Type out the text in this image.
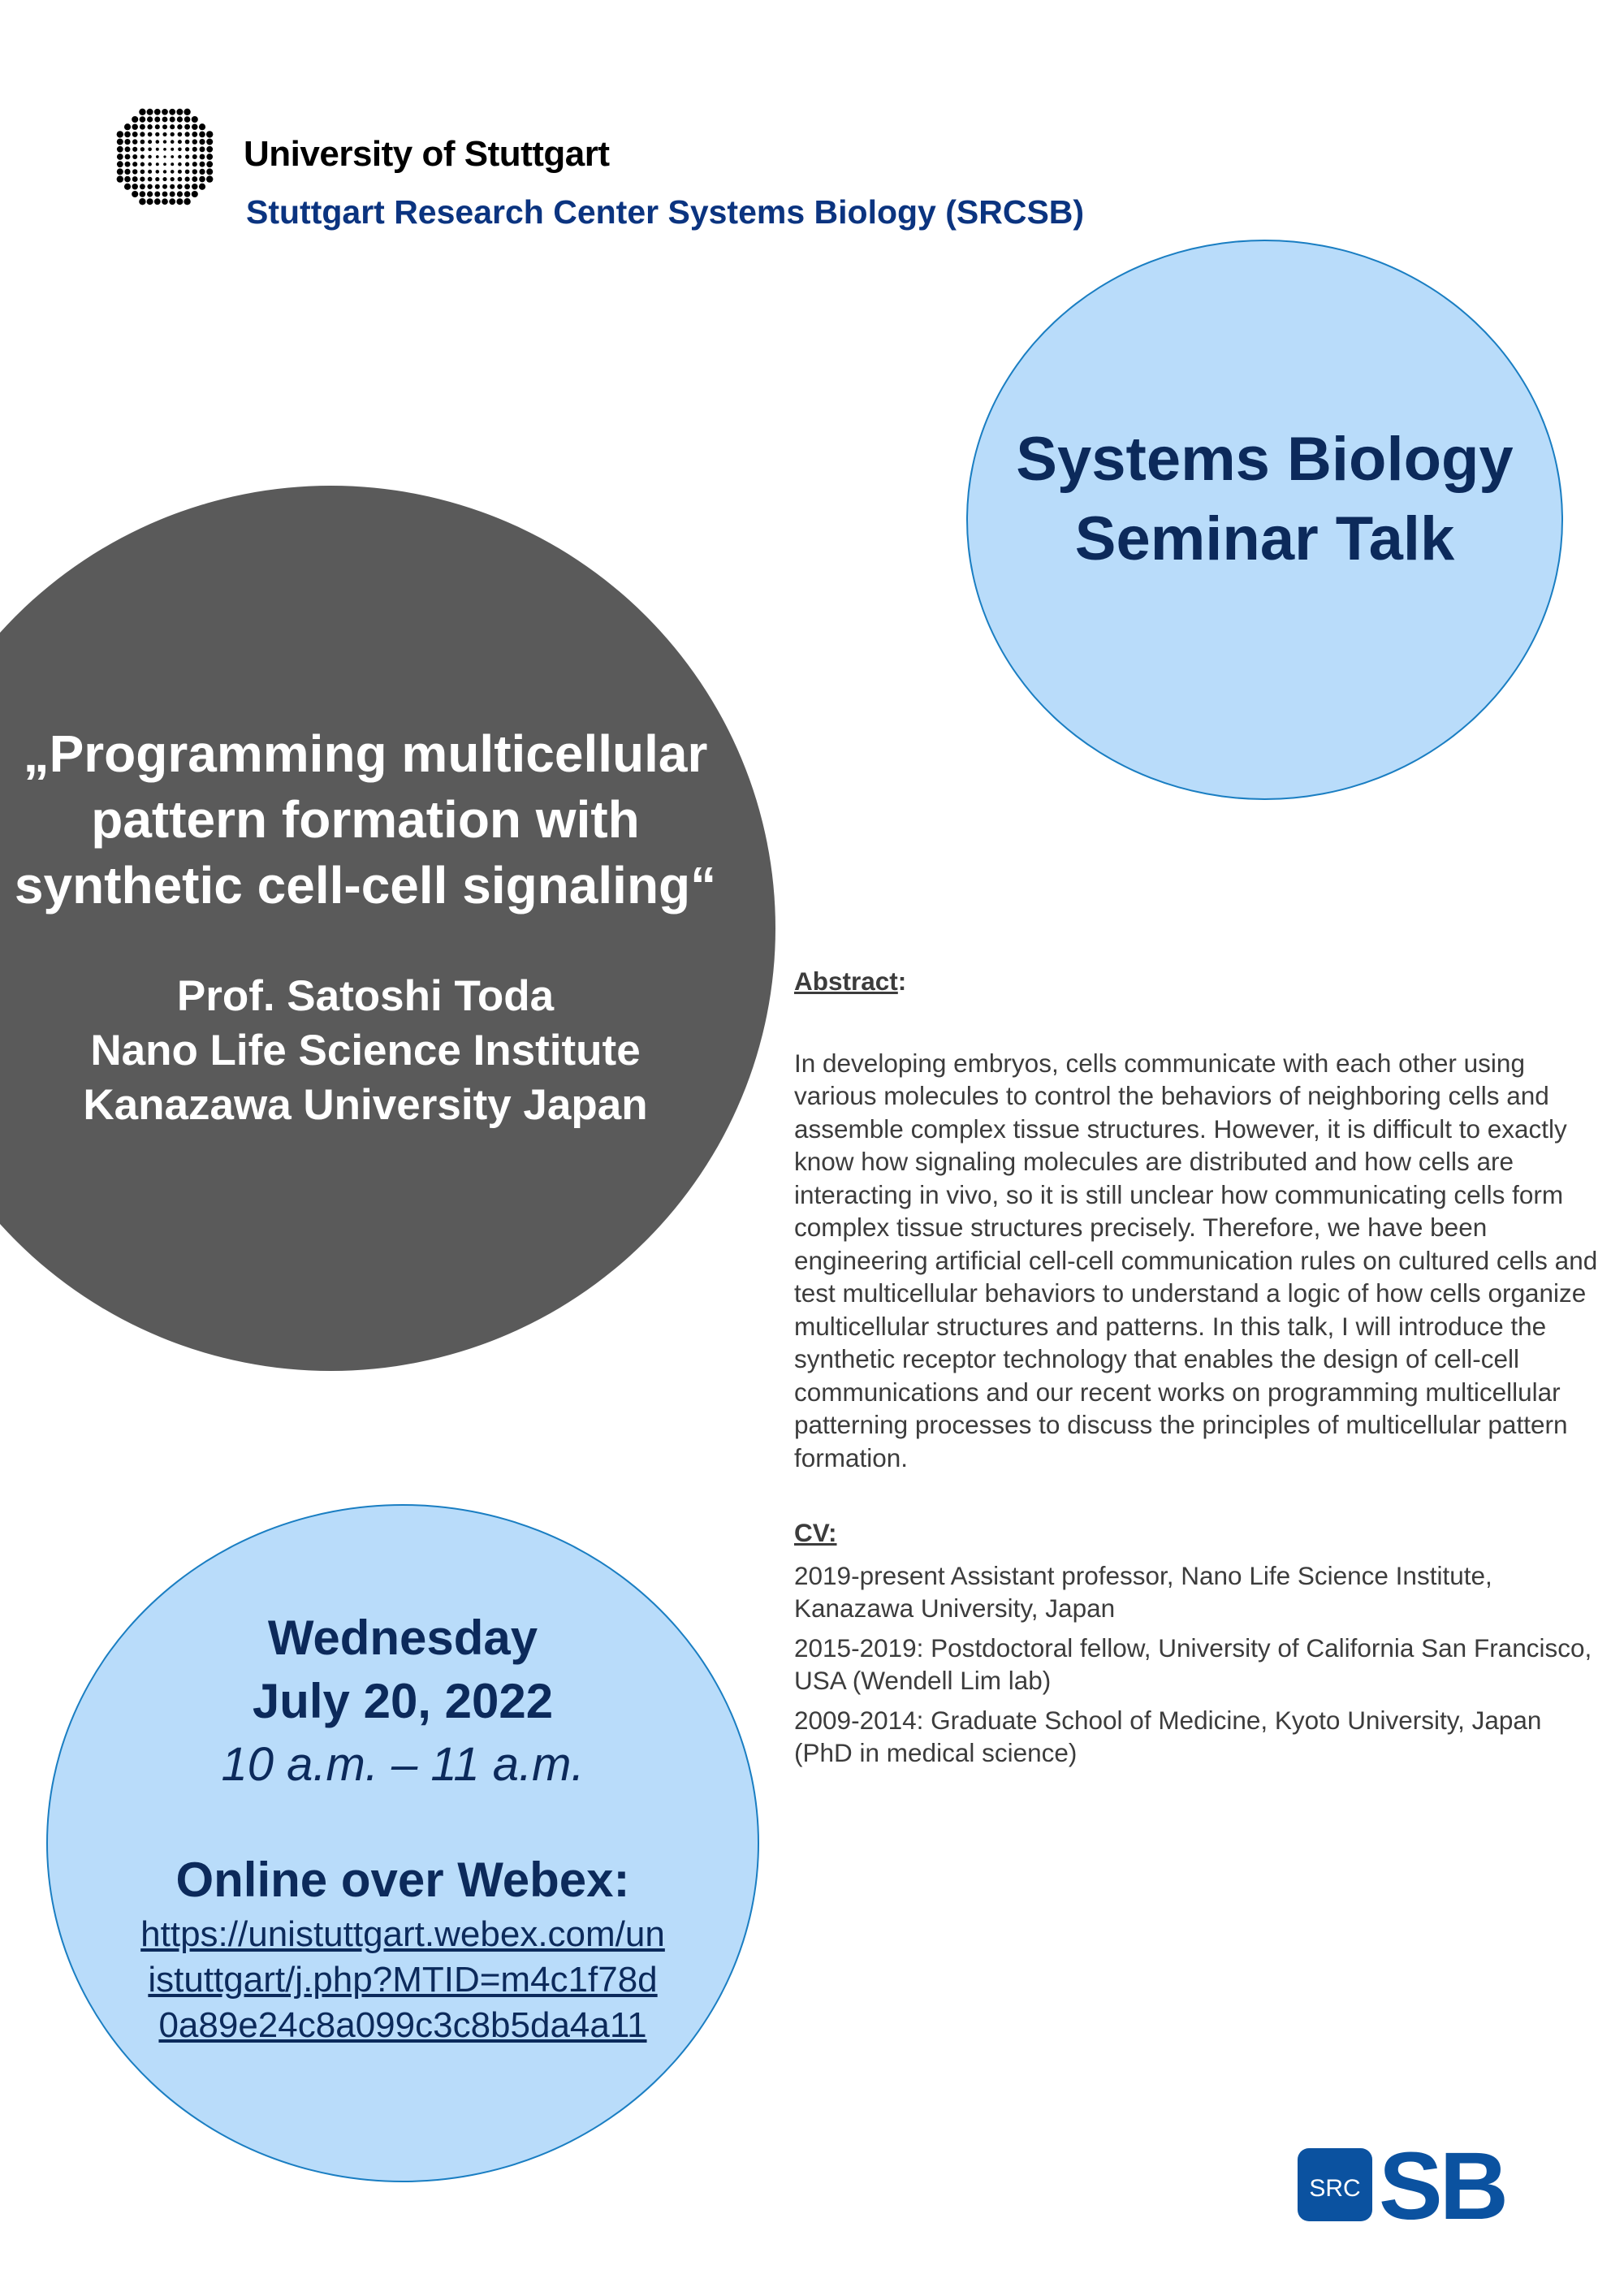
University of Stuttgart
Stuttgart Research Center Systems Biology (SRCSB)
Systems Biology
Seminar Talk

„Programming multicellular pattern formation with synthetic cell-cell signaling“

Prof. Satoshi Toda
Nano Life Science Institute
Kanazawa University Japan

Wednesday
July 20, 2022
10 a.m. – 11 a.m.
Online over Webex:
https://unistuttgart.webex.com/unistuttgart/j.php?MTID=m4c1f78d0a89e24c8a099c3c8b5da4a11
Abstract:

In developing embryos, cells communicate with each other using various molecules to control the behaviors of neighboring cells and assemble complex tissue structures. However, it is difficult to exactly know how signaling molecules are distributed and how cells are interacting in vivo, so it is still unclear how communicating cells form complex tissue structures precisely. Therefore, we have been engineering artificial cell-cell communication rules on cultured cells and test multicellular behaviors to understand a logic of how cells organize multicellular structures and patterns. In this talk, I will introduce the synthetic receptor technology that enables the design of cell-cell communications and our recent works on programming multicellular patterning processes to discuss the principles of multicellular pattern formation.

CV:

2019-present Assistant professor, Nano Life Science Institute, Kanazawa University, Japan

2015-2019: Postdoctoral fellow, University of California San Francisco, USA (Wendell Lim lab)

2009-2014: Graduate School of Medicine, Kyoto University, Japan (PhD in medical science)

SRC SB
